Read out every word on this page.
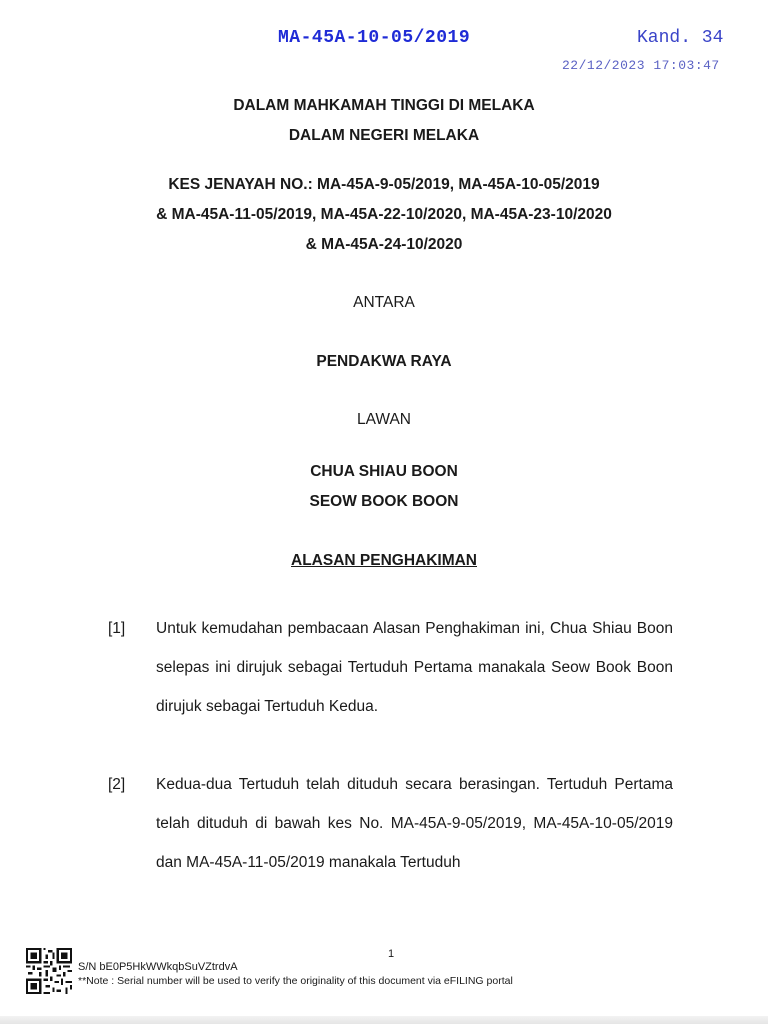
MA-45A-10-05/2019	Kand. 34
22/12/2023 17:03:47
DALAM MAHKAMAH TINGGI DI MELAKA
DALAM NEGERI MELAKA
KES JENAYAH NO.: MA-45A-9-05/2019, MA-45A-10-05/2019
& MA-45A-11-05/2019, MA-45A-22-10/2020, MA-45A-23-10/2020
& MA-45A-24-10/2020
ANTARA
PENDAKWA RAYA
LAWAN
CHUA SHIAU BOON
SEOW BOOK BOON
ALASAN PENGHAKIMAN
[1] Untuk kemudahan pembacaan Alasan Penghakiman ini, Chua Shiau Boon selepas ini dirujuk sebagai Tertuduh Pertama manakala Seow Book Boon dirujuk sebagai Tertuduh Kedua.
[2] Kedua-dua Tertuduh telah dituduh secara berasingan. Tertuduh Pertama telah dituduh di bawah kes No. MA-45A-9-05/2019, MA-45A-10-05/2019 dan MA-45A-11-05/2019 manakala Tertuduh
1
S/N bE0P5HkWWkqbSuVZtrdvA
**Note : Serial number will be used to verify the originality of this document via eFILING portal
